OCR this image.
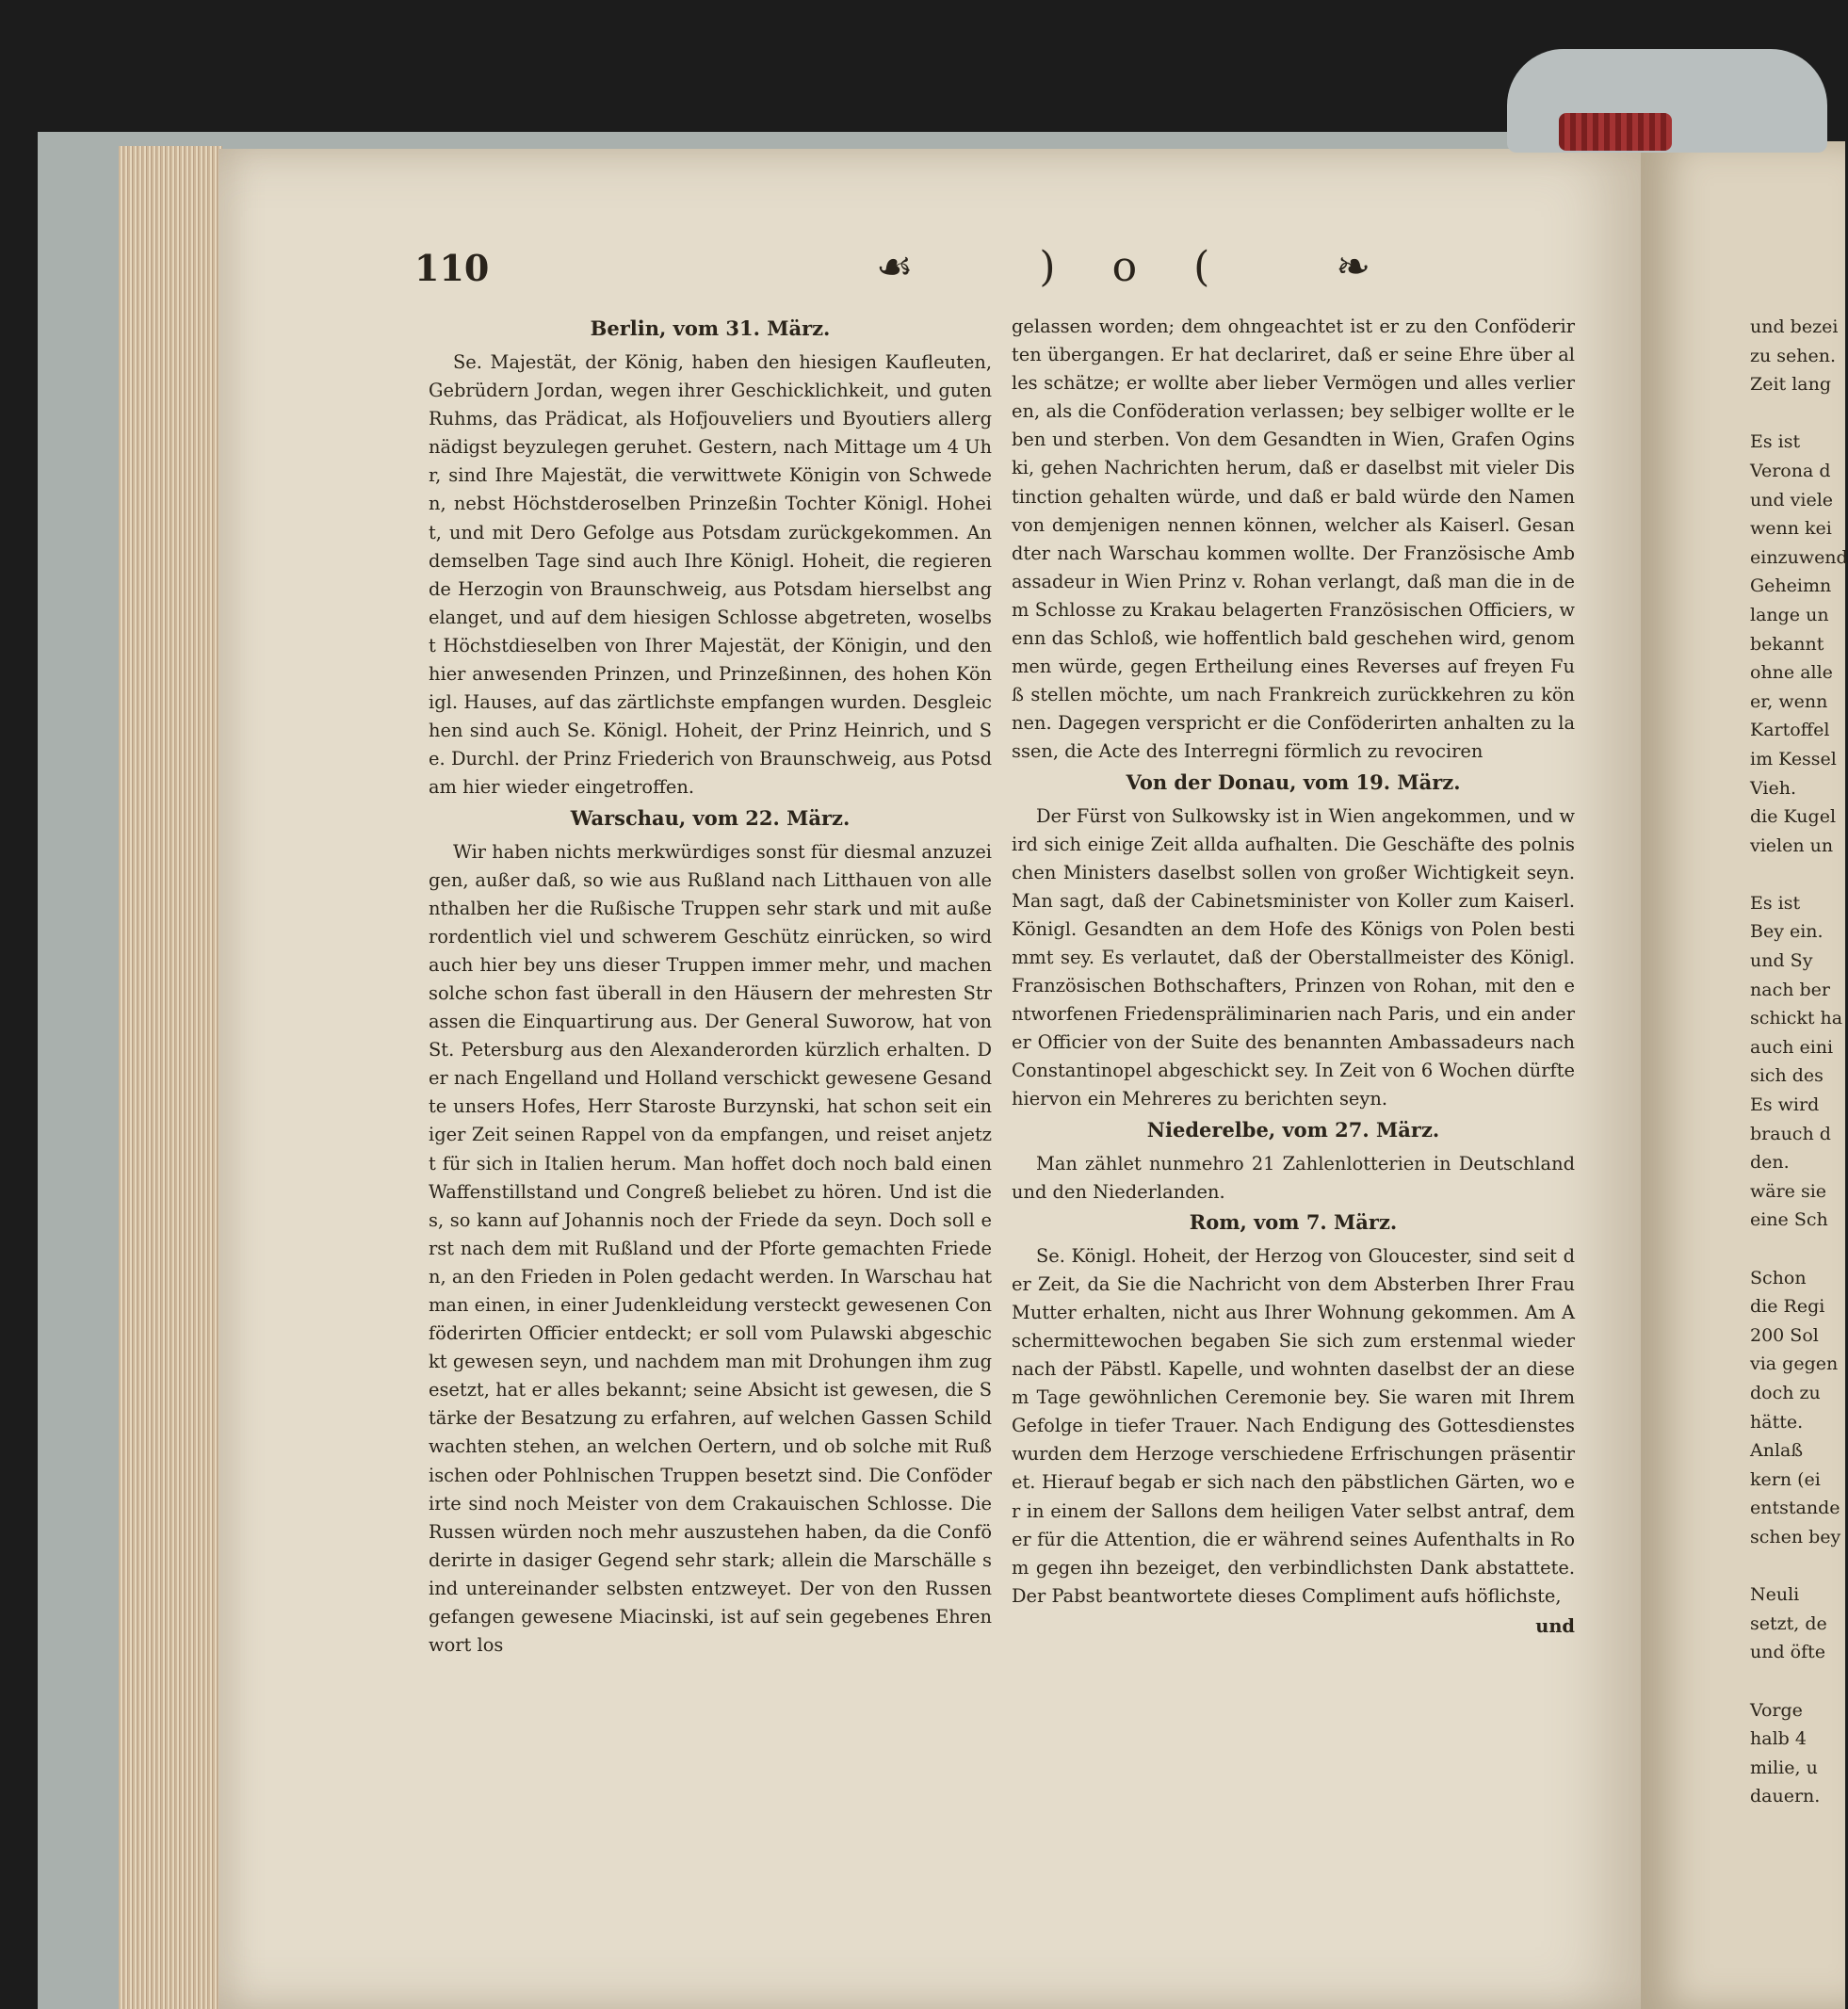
110	☙ )o( ❧
Berlin, vom 31. März.

Se. Majestät, der König, haben den hiesigen Kaufleuten, Gebrüdern Jordan, wegen ihrer Geschicklichkeit, und guten Ruhms, das Prädicat, als Hofjouveliers und Byoutiers allergnädigst beyzulegen geruhet. Gestern, nach Mittage um 4 Uhr, sind Ihre Majestät, die verwittwete Königin von Schweden, nebst Höchstderoselben Prinzeßin Tochter Königl. Hoheit, und mit Dero Gefolge aus Potsdam zurückgekommen. An demselben Tage sind auch Ihre Königl. Hoheit, die regierende Herzogin von Braunschweig, aus Potsdam hierselbst angelanget, und auf dem hiesigen Schlosse abgetreten, woselbst Höchstdieselben von Ihrer Majestät, der Königin, und den hier anwesenden Prinzen, und Prinzeßinnen, des hohen Königl. Hauses, auf das zärtlichste empfangen wurden. Desgleichen sind auch Se. Königl. Hoheit, der Prinz Heinrich, und Se. Durchl. der Prinz Friederich von Braunschweig, aus Potsdam hier wieder eingetroffen.

Warschau, vom 22. März.

Wir haben nichts merkwürdiges sonst für diesmal anzuzeigen, außer daß, so wie aus Rußland nach Litthauen von allenthalben her die Rußische Truppen sehr stark und mit außerordentlich viel und schwerem Geschütz einrücken, so wird auch hier bey uns dieser Truppen immer mehr, und machen solche schon fast überall in den Häusern der mehresten Strassen die Einquartirung aus. Der General Suworow, hat von St. Petersburg aus den Alexanderorden kürzlich erhalten. Der nach Engelland und Holland verschickt gewesene Gesandte unsers Hofes, Herr Staroste Burzynski, hat schon seit einiger Zeit seinen Rappel von da empfangen, und reiset anjetzt für sich in Italien herum. Man hoffet doch noch bald einen Waffenstillstand und Congreß beliebet zu hören. Und ist dies, so kann auf Johannis noch der Friede da seyn. Doch soll erst nach dem mit Rußland und der Pforte gemachten Frieden, an den Frieden in Polen gedacht werden. In Warschau hat man einen, in einer Judenkleidung versteckt gewesenen Conföderirten Officier entdeckt; er soll vom Pulawski abgeschickt gewesen seyn, und nachdem man mit Drohungen ihm zugesetzt, hat er alles bekannt; seine Absicht ist gewesen, die Stärke der Besatzung zu erfahren, auf welchen Gassen Schildwachten stehen, an welchen Oertern, und ob solche mit Rußischen oder Pohlnischen Truppen besetzt sind. Die Conföderirte sind noch Meister von dem Crakauischen Schlosse. Die Russen würden noch mehr auszustehen haben, da die Conföderirte in dasiger Gegend sehr stark; allein die Marschälle sind untereinander selbsten entzweyet. Der von den Russen gefangen gewesene Miacinski, ist auf sein gegebenes Ehrenwort los

gelassen worden; dem ohngeachtet ist er zu den Conföderirten übergangen. Er hat declariret, daß er seine Ehre über alles schätze; er wollte aber lieber Vermögen und alles verlieren, als die Conföderation verlassen; bey selbiger wollte er leben und sterben. Von dem Gesandten in Wien, Grafen Oginski, gehen Nachrichten herum, daß er daselbst mit vieler Distinction gehalten würde, und daß er bald würde den Namen von demjenigen nennen können, welcher als Kaiserl. Gesandter nach Warschau kommen wollte. Der Französische Ambassadeur in Wien Prinz v. Rohan verlangt, daß man die in dem Schlosse zu Krakau belagerten Französischen Officiers, wenn das Schloß, wie hoffentlich bald geschehen wird, genommen würde, gegen Ertheilung eines Reverses auf freyen Fuß stellen möchte, um nach Frankreich zurückkehren zu können. Dagegen verspricht er die Conföderirten anhalten zu lassen, die Acte des Interregni förmlich zu revociren

Von der Donau, vom 19. März.

Der Fürst von Sulkowsky ist in Wien angekommen, und wird sich einige Zeit allda aufhalten. Die Geschäfte des polnischen Ministers daselbst sollen von großer Wichtigkeit seyn. Man sagt, daß der Cabinetsminister von Koller zum Kaiserl. Königl. Gesandten an dem Hofe des Königs von Polen bestimmt sey. Es verlautet, daß der Oberstallmeister des Königl. Französischen Bothschafters, Prinzen von Rohan, mit den entworfenen Friedenspräliminarien nach Paris, und ein anderer Officier von der Suite des benannten Ambassadeurs nach Constantinopel abgeschickt sey. In Zeit von 6 Wochen dürfte hiervon ein Mehreres zu berichten seyn.

Niederelbe, vom 27. März.

Man zählet nunmehro 21 Zahlenlotterien in Deutschland und den Niederlanden.

Rom, vom 7. März.

Se. Königl. Hoheit, der Herzog von Gloucester, sind seit der Zeit, da Sie die Nachricht von dem Absterben Ihrer Frau Mutter erhalten, nicht aus Ihrer Wohnung gekommen. Am Aschermittewochen begaben Sie sich zum erstenmal wieder nach der Päbstl. Kapelle, und wohnten daselbst der an diesem Tage gewöhnlichen Ceremonie bey. Sie waren mit Ihrem Gefolge in tiefer Trauer. Nach Endigung des Gottesdienstes wurden dem Herzoge verschiedene Erfrischungen präsentiret. Hierauf begab er sich nach den päbstlichen Gärten, wo er in einem der Sallons dem heiligen Vater selbst antraf, dem er für die Attention, die er während seines Aufenthalts in Rom gegen ihn bezeiget, den verbindlichsten Dank abstattete. Der Pabst beantwortete dieses Compliment aufs höflichste,

und

und bezei
zu sehen.
Zeit lang
Es ist
Verona d
und viele
wenn kei
einzuwend
Geheimn
lange un
bekannt
ohne alle
er, wenn
Kartoffel
im Kessel
Vieh.
die Kugel
vielen un
Es ist
Bey ein.
und Sy
nach ber
schickt ha
auch eini
sich des
Es wird
brauch d
den.
wäre sie
eine Sch
Schon
die Regi
200 Sol
via gegen
doch zu
hätte.
Anlaß
kern (ei
entstande
schen bey
Neuli
setzt, de
und öfte
Vorge
halb 4
milie, u
dauern.
